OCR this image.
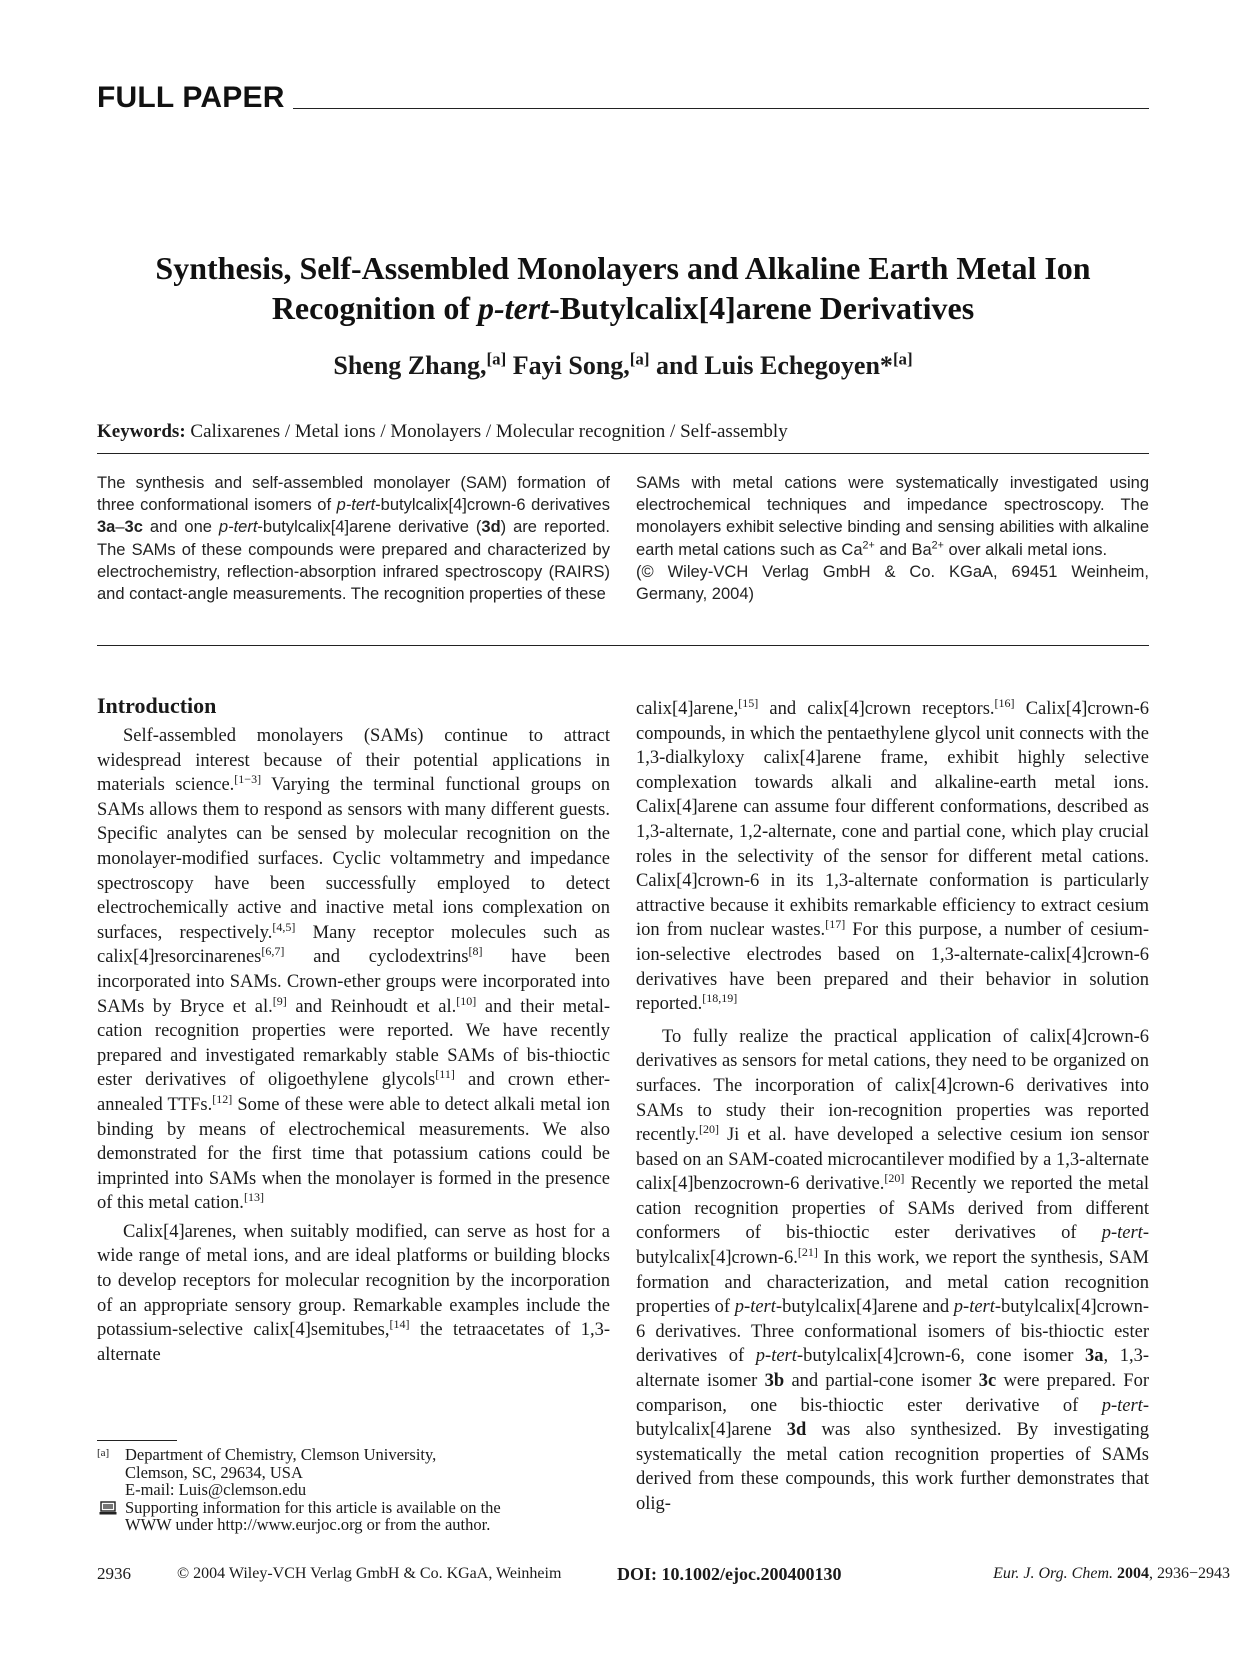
FULL PAPER
Synthesis, Self-Assembled Monolayers and Alkaline Earth Metal Ion
Recognition of p-tert-Butylcalix[4]arene Derivatives
Sheng Zhang,[a] Fayi Song,[a] and Luis Echegoyen*[a]
Keywords: Calixarenes / Metal ions / Monolayers / Molecular recognition / Self-assembly
The synthesis and self-assembled monolayer (SAM) formation of three conformational isomers of p-tert-butylcalix[4]crown-6 derivatives 3a–3c and one p-tert-butylcalix[4]arene derivative (3d) are reported. The SAMs of these compounds were prepared and characterized by electrochemistry, reflection-absorption infrared spectroscopy (RAIRS) and contact-angle measurements. The recognition properties of these
SAMs with metal cations were systematically investigated using electrochemical techniques and impedance spectroscopy. The monolayers exhibit selective binding and sensing abilities with alkaline earth metal cations such as $Ca^{2+}$ and $Ba^{2+}$ over alkali metal ions.
(© Wiley-VCH Verlag GmbH & Co. KGaA, 69451 Weinheim, Germany, 2004)

Introduction

Self-assembled monolayers (SAMs) continue to attract widespread interest because of their potential applications in materials science.[1−3] Varying the terminal functional groups on SAMs allows them to respond as sensors with many different guests. Specific analytes can be sensed by molecular recognition on the monolayer-modified surfaces. Cyclic voltammetry and impedance spectroscopy have been successfully employed to detect electrochemically active and inactive metal ions complexation on surfaces, respectively.[4,5] Many receptor molecules such as calix[4]resorcinarenes[6,7] and cyclodextrins[8] have been incorporated into SAMs. Crown-ether groups were incorporated into SAMs by Bryce et al.[9] and Reinhoudt et al.[10] and their metal-cation recognition properties were reported. We have recently prepared and investigated remarkably stable SAMs of bis-thioctic ester derivatives of oligoethylene glycols[11] and crown ether-annealed TTFs.[12] Some of these were able to detect alkali metal ion binding by means of electrochemical measurements. We also demonstrated for the first time that potassium cations could be imprinted into SAMs when the monolayer is formed in the presence of this metal cation.[13]

Calix[4]arenes, when suitably modified, can serve as host for a wide range of metal ions, and are ideal platforms or building blocks to develop receptors for molecular recognition by the incorporation of an appropriate sensory group. Remarkable examples include the potassium-selective calix[4]semitubes,[14] the tetraacetates of 1,3-alternate

calix[4]arene,[15] and calix[4]crown receptors.[16] Calix[4]crown-6 compounds, in which the pentaethylene glycol unit connects with the 1,3-dialkyloxy calix[4]arene frame, exhibit highly selective complexation towards alkali and alkaline-earth metal ions. Calix[4]arene can assume four different conformations, described as 1,3-alternate, 1,2-alternate, cone and partial cone, which play crucial roles in the selectivity of the sensor for different metal cations. Calix[4]crown-6 in its 1,3-alternate conformation is particularly attractive because it exhibits remarkable efficiency to extract cesium ion from nuclear wastes.[17] For this purpose, a number of cesium-ion-selective electrodes based on 1,3-alternate-calix[4]crown-6 derivatives have been prepared and their behavior in solution reported.[18,19]

To fully realize the practical application of calix[4]crown-6 derivatives as sensors for metal cations, they need to be organized on surfaces. The incorporation of calix[4]crown-6 derivatives into SAMs to study their ion-recognition properties was reported recently.[20] Ji et al. have developed a selective cesium ion sensor based on an SAM-coated microcantilever modified by a 1,3-alternate calix[4]benzocrown-6 derivative.[20] Recently we reported the metal cation recognition properties of SAMs derived from different conformers of bis-thioctic ester derivatives of p-tert-butylcalix[4]crown-6.[21] In this work, we report the synthesis, SAM formation and characterization, and metal cation recognition properties of p-tert-butylcalix[4]arene and p-tert-butylcalix[4]crown-6 derivatives. Three conformational isomers of bis-thioctic ester derivatives of p-tert-butylcalix[4]crown-6, cone isomer 3a, 1,3-alternate isomer 3b and partial-cone isomer 3c were prepared. For comparison, one bis-thioctic ester derivative of p-tert-butylcalix[4]arene 3d was also synthesized. By investigating systematically the metal cation recognition properties of SAMs derived from these compounds, this work further demonstrates that olig-

[a] Department of Chemistry, Clemson University,
Clemson, SC, 29634, USA
E-mail: Luis@clemson.edu
Supporting information for this article is available on the
WWW under http://www.eurjoc.org or from the author.
2936	© 2004 Wiley-VCH Verlag GmbH & Co. KGaA, Weinheim	DOI: 10.1002/ejoc.200400130	Eur. J. Org. Chem. 2004 , 2936−2943
